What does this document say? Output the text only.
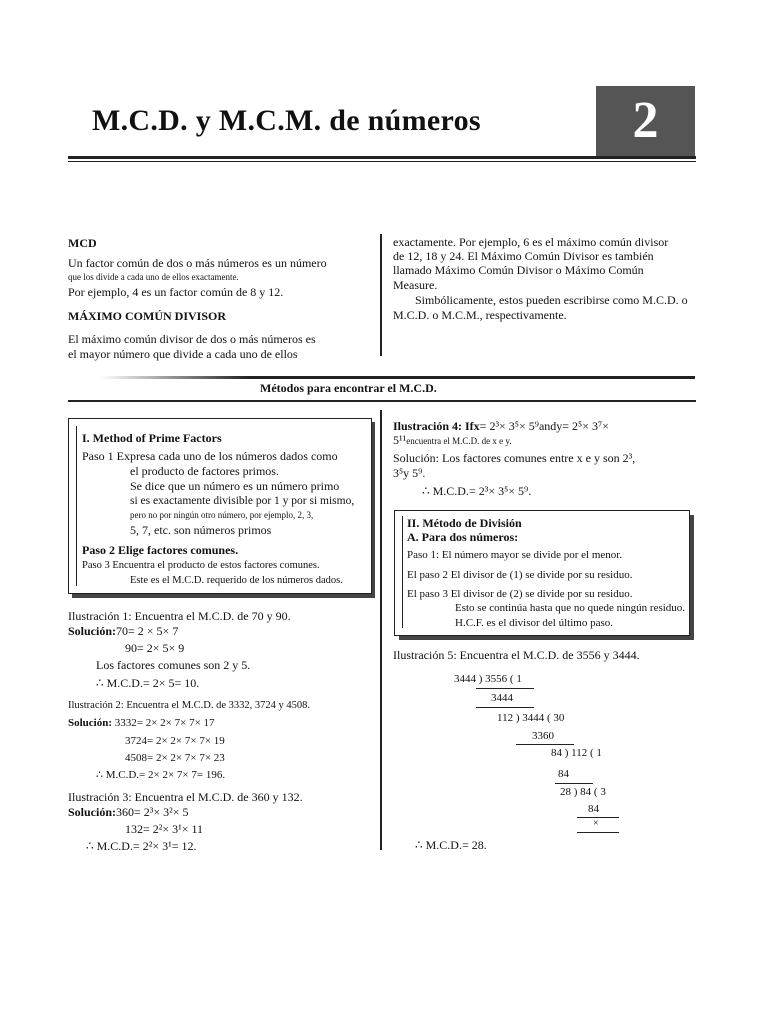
M.C.D. y M.C.M. de números	2
MCD
Un factor común de dos o más números es un número
que los divide a cada uno de ellos exactamente.
Por ejemplo, 4 es un factor común de 8 y 12.
MÁXIMO COMÚN DIVISOR
El máximo común divisor de dos o más números es
el mayor número que divide a cada uno de ellos
exactamente. Por ejemplo, 6 es el máximo común divisor
de 12, 18 y 24. El Máximo Común Divisor es también
llamado Máximo Común Divisor o Máximo Común
Measure.
Simbólicamente, estos pueden escribirse como M.C.D. o
M.C.D. o M.C.M., respectivamente.
Métodos para encontrar el M.C.D.
I. Method of Prime Factors
Paso 1 Expresa cada uno de los números dados como
el producto de factores primos.
Se dice que un número es un número primo
si es exactamente divisible por 1 y por si mismo,
pero no por ningún otro número, por ejemplo, 2, 3,
5, 7, etc. son números primos
Paso 2 Elige factores comunes.
Paso 3 Encuentra el producto de estos factores comunes.
Este es el M.C.D. requerido de los números dados.
Ilustración 1: Encuentra el M.C.D. de 70 y 90.
Solución:70= 2 × 5× 7
90= 2× 5× 9
Los factores comunes son 2 y 5.
∴ M.C.D.= 2× 5= 10.
Ilustración 2: Encuentra el M.C.D. de 3332, 3724 y 4508.
Solución: 3332= 2× 2× 7× 7× 17
3724= 2× 2× 7× 7× 19
4508= 2× 2× 7× 7× 23
∴ M.C.D.= 2× 2× 7× 7= 196.
Ilustración 3: Encuentra el M.C.D. de 360 y 132.
Solución:360= 2³× 3²× 5
132= 2²× 3¹× 11
∴ M.C.D.= 2²× 3¹= 12.
Ilustración 4: Ifx= 2³× 3⁵× 5⁹andy= 2⁵× 3⁷×
5¹¹encuentra el M.C.D. de x e y.
Solución: Los factores comunes entre x e y son 2³,
3⁵y 5⁹.
∴ M.C.D.= 2³× 3⁵× 5⁹.
II. Método de División
A. Para dos números:
Paso 1: El número mayor se divide por el menor.
El paso 2 El divisor de (1) se divide por su residuo.
El paso 3 El divisor de (2) se divide por su residuo.
Esto se continúa hasta que no quede ningún residuo.
H.C.F. es el divisor del último paso.
Ilustración 5: Encuentra el M.C.D. de 3556 y 3444.
3444 ) 3556 ( 1
3444
112 ) 3444 ( 30
3360
84 ) 112 ( 1
84
28 ) 84 ( 3
84
×
∴ M.C.D.= 28.
